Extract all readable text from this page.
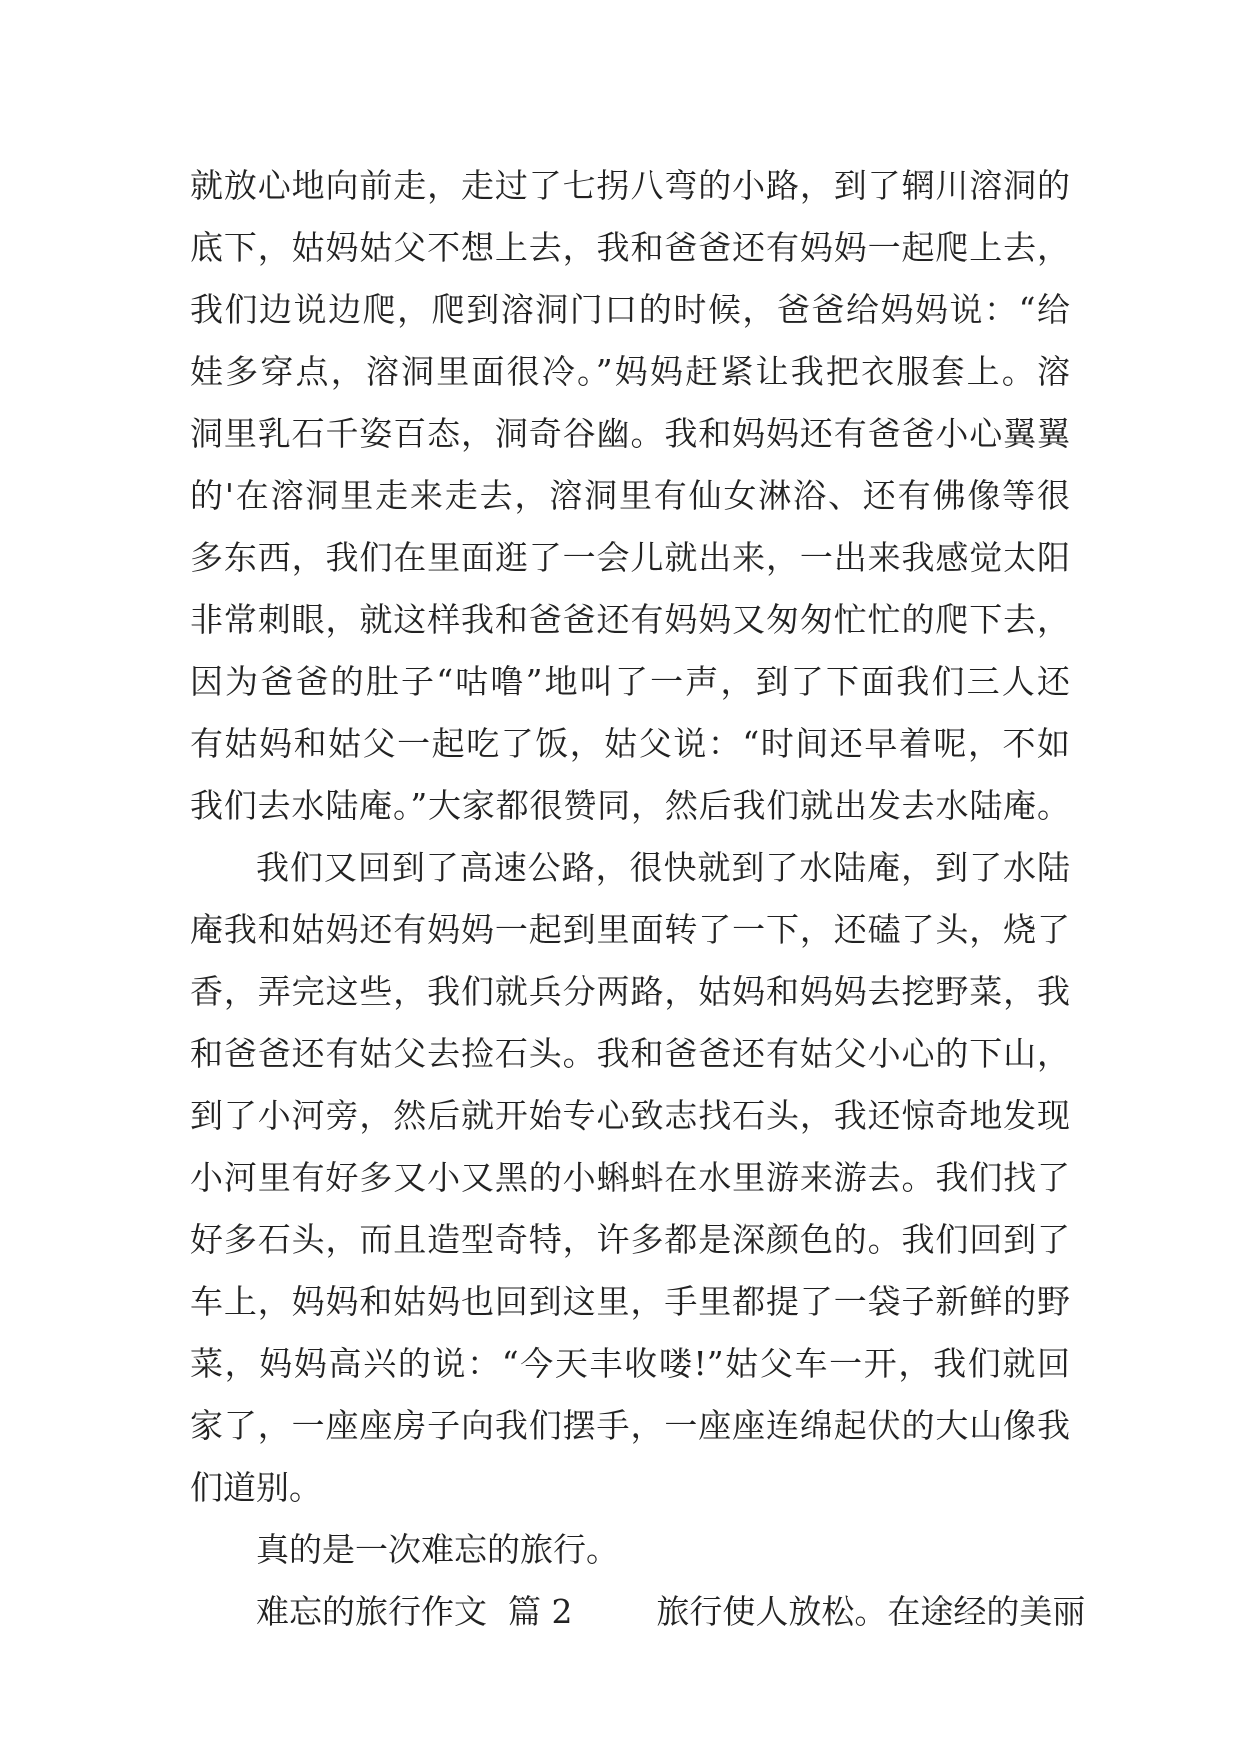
就放心地向前走，走过了七拐八弯的小路，到了辋川溶洞的
底下，姑妈姑父不想上去，我和爸爸还有妈妈一起爬上去，
我们边说边爬，爬到溶洞门口的时候，爸爸给妈妈说：“给
娃多穿点，溶洞里面很冷。”妈妈赶紧让我把衣服套上。溶
洞里乳石千姿百态，洞奇谷幽。我和妈妈还有爸爸小心翼翼
的'在溶洞里走来走去，溶洞里有仙女淋浴、还有佛像等很
多东西，我们在里面逛了一会儿就出来，一出来我感觉太阳
非常刺眼，就这样我和爸爸还有妈妈又匆匆忙忙的爬下去，
因为爸爸的肚子“咕噜”地叫了一声，到了下面我们三人还
有姑妈和姑父一起吃了饭，姑父说：“时间还早着呢，不如
我们去水陆庵。”大家都很赞同，然后我们就出发去水陆庵。
我们又回到了高速公路，很快就到了水陆庵，到了水陆
庵我和姑妈还有妈妈一起到里面转了一下，还磕了头，烧了
香，弄完这些，我们就兵分两路，姑妈和妈妈去挖野菜，我
和爸爸还有姑父去捡石头。我和爸爸还有姑父小心的下山，
到了小河旁，然后就开始专心致志找石头，我还惊奇地发现
小河里有好多又小又黑的小蝌蚪在水里游来游去。我们找了
好多石头，而且造型奇特，许多都是深颜色的。我们回到了
车上，妈妈和姑妈也回到这里，手里都提了一袋子新鲜的野
菜，妈妈高兴的说：“今天丰收喽!”姑父车一开，我们就回
家了，一座座房子向我们摆手，一座座连绵起伏的大山像我
们道别。
真的是一次难忘的旅行。
难忘的旅行作文  篇 2        旅行使人放松。在途经的美丽
